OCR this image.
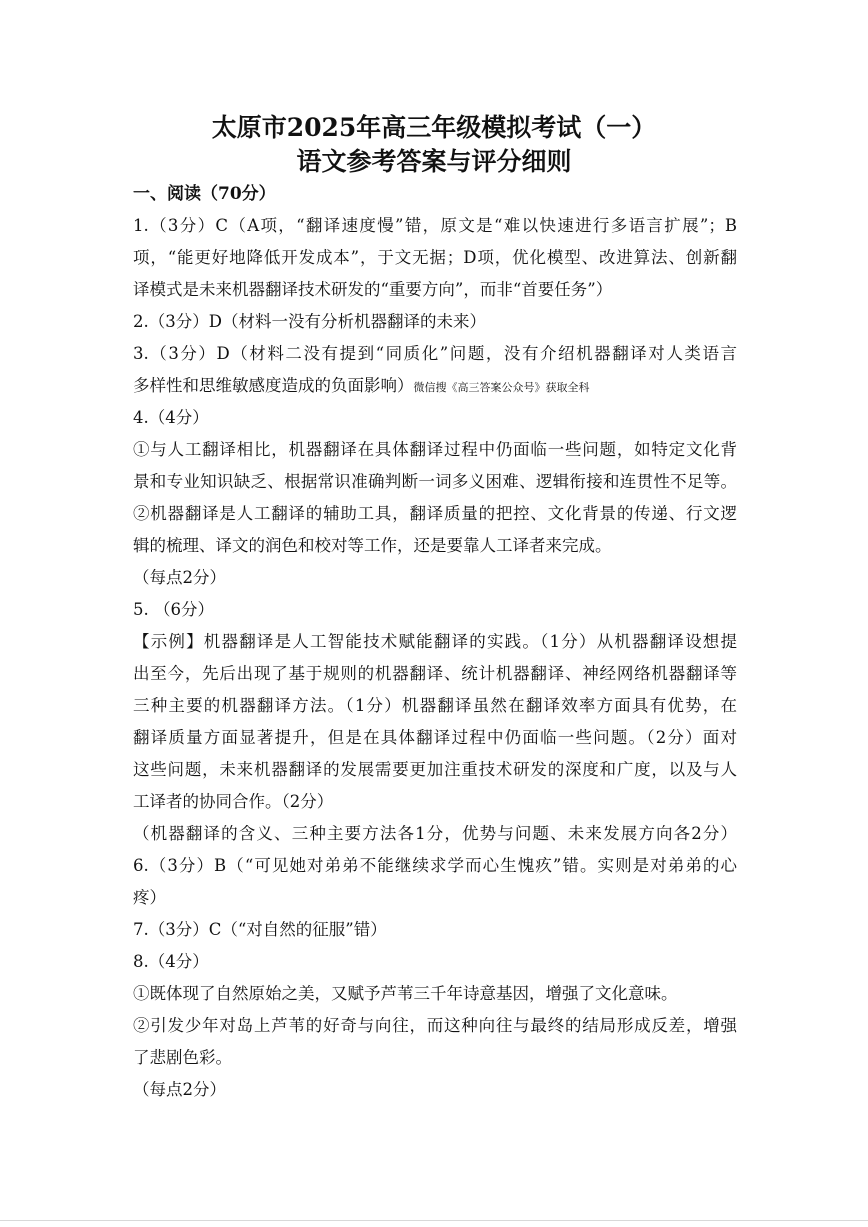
太原市2025年高三年级模拟考试（一）
语文参考答案与评分细则
一、阅读（70分）
1.（3分）C（A项，“翻译速度慢”错，原文是“难以快速进行多语言扩展”；B
项，“能更好地降低开发成本”，于文无据；D项，优化模型、改进算法、创新翻
译模式是未来机器翻译技术研发的“重要方向”，而非“首要任务”）
2.（3分）D（材料一没有分析机器翻译的未来）
3.（3分）D（材料二没有提到“同质化”问题，没有介绍机器翻译对人类语言
多样性和思维敏感度造成的负面影响）微信搜《高三答案公众号》获取全科
4.（4分）
①与人工翻译相比，机器翻译在具体翻译过程中仍面临一些问题，如特定文化背
景和专业知识缺乏、根据常识准确判断一词多义困难、逻辑衔接和连贯性不足等。
②机器翻译是人工翻译的辅助工具，翻译质量的把控、文化背景的传递、行文逻
辑的梳理、译文的润色和校对等工作，还是要靠人工译者来完成。
（每点2分）
5. （6分）
【示例】机器翻译是人工智能技术赋能翻译的实践。（1分）从机器翻译设想提
出至今，先后出现了基于规则的机器翻译、统计机器翻译、神经网络机器翻译等
三种主要的机器翻译方法。（1分）机器翻译虽然在翻译效率方面具有优势，在
翻译质量方面显著提升，但是在具体翻译过程中仍面临一些问题。（2分）面对
这些问题，未来机器翻译的发展需要更加注重技术研发的深度和广度，以及与人
工译者的协同合作。（2分）
（机器翻译的含义、三种主要方法各1分，优势与问题、未来发展方向各2分）
6.（3分）B（“可见她对弟弟不能继续求学而心生愧疚”错。实则是对弟弟的心
疼）
7.（3分）C（“对自然的征服”错）
8.（4分）
①既体现了自然原始之美，又赋予芦苇三千年诗意基因，增强了文化意味。
②引发少年对岛上芦苇的好奇与向往，而这种向往与最终的结局形成反差，增强
了悲剧色彩。
（每点2分）
